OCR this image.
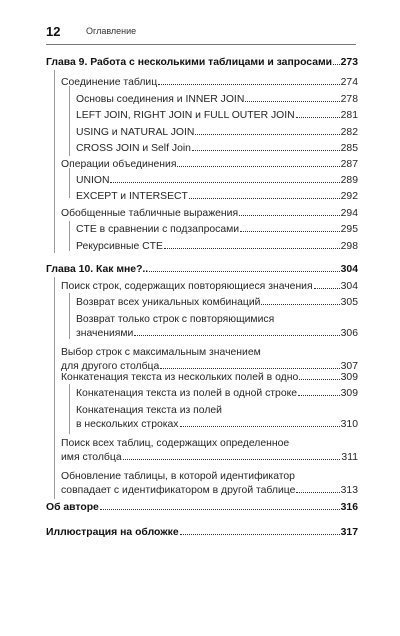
12	Оглавление
Глава 9. Работа с несколькими таблицами и запросами 273
Соединение таблиц	274
Основы соединения и INNER JOIN	278
LEFT JOIN, RIGHT JOIN и FULL OUTER JOIN	281
USING и NATURAL JOIN	282
CROSS JOIN и Self Join	285
Операции объединения	287
UNION	289
EXCEPT и INTERSECT	292
Обобщенные табличные выражения	294
CTE в сравнении с подзапросами	295
Рекурсивные CTE	298
Глава 10. Как мне?..	304
Поиск строк, содержащих повторяющиеся значения	304
Возврат всех уникальных комбинаций	305
Возврат только строк с повторяющимися
значениями	306
Выбор строк с максимальным значением
для другого столбца	307
Конкатенация текста из нескольких полей в одно	309
Конкатенация текста из полей в одной строке	309
Конкатенация текста из полей
в нескольких строках	310
Поиск всех таблиц, содержащих определенное
имя столбца	311
Обновление таблицы, в которой идентификатор
совпадает с идентификатором в другой таблице	313
Об авторе	316
Иллюстрация на обложке	317
